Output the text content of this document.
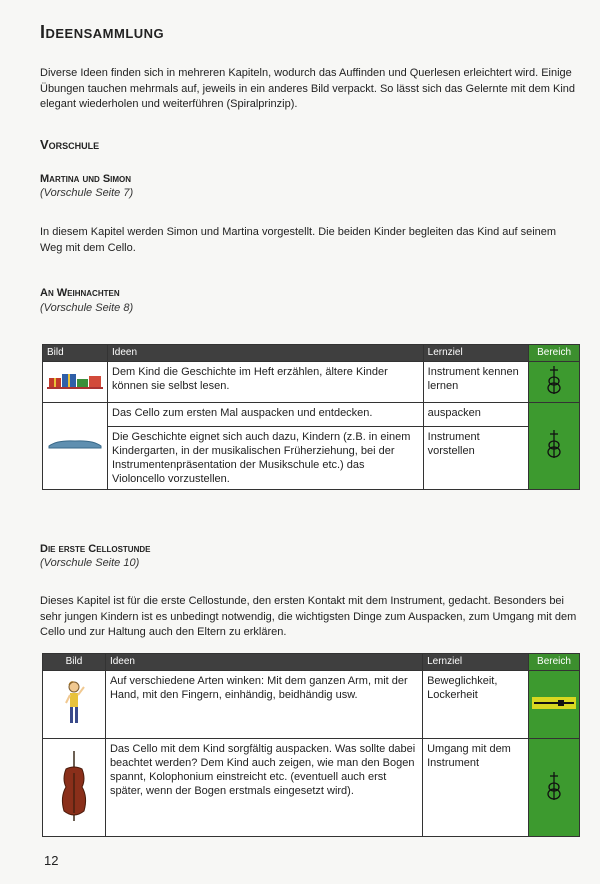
Ideensammlung
Diverse Ideen finden sich in mehreren Kapiteln, wodurch das Auffinden und Querlesen erleichtert wird. Einige Übungen tauchen mehrmals auf, jeweils in ein anderes Bild verpackt. So lässt sich das Gelernte mit dem Kind elegant wiederholen und weiterführen (Spiralprinzip).
Vorschule
Martina und Simon
(Vorschule Seite 7)
In diesem Kapitel werden Simon und Martina vorgestellt. Die beiden Kinder begleiten das Kind auf seinem Weg mit dem Cello.
An Weihnachten
(Vorschule Seite 8)
Bild	Ideen	Lernziel	Bereich
	Dem Kind die Geschichte im Heft erzählen, ältere Kinder können sie selbst lesen.	Instrument kennen lernen	
	Das Cello zum ersten Mal auspacken und entdecken.	auspacken	
	Die Geschichte eignet sich auch dazu, Kindern (z.B. in einem Kindergarten, in der musikalischen Früherziehung, bei der Instrumentenpräsentation der Musikschule etc.) das Violoncello vorzustellen.	Instrument vorstellen	
Die erste Cellostunde
(Vorschule Seite 10)
Dieses Kapitel ist für die erste Cellostunde, den ersten Kontakt mit dem Instrument, gedacht. Besonders bei sehr jungen Kindern ist es unbedingt notwendig, die wichtigsten Dinge zum Auspacken, zum Umgang mit dem Cello und zur Haltung auch den Eltern zu erklären.
Bild	Ideen	Lernziel	Bereich
	Auf verschiedene Arten winken: Mit dem ganzen Arm, mit der Hand, mit den Fingern, einhändig, beidhändig usw.	Beweglichkeit, Lockerheit	
	Das Cello mit dem Kind sorgfältig auspacken. Was sollte dabei beachtet werden? Dem Kind auch zeigen, wie man den Bogen spannt, Kolophonium einstreicht etc. (eventuell auch erst später, wenn der Bogen erstmals eingesetzt wird).	Umgang mit dem Instrument	
12
